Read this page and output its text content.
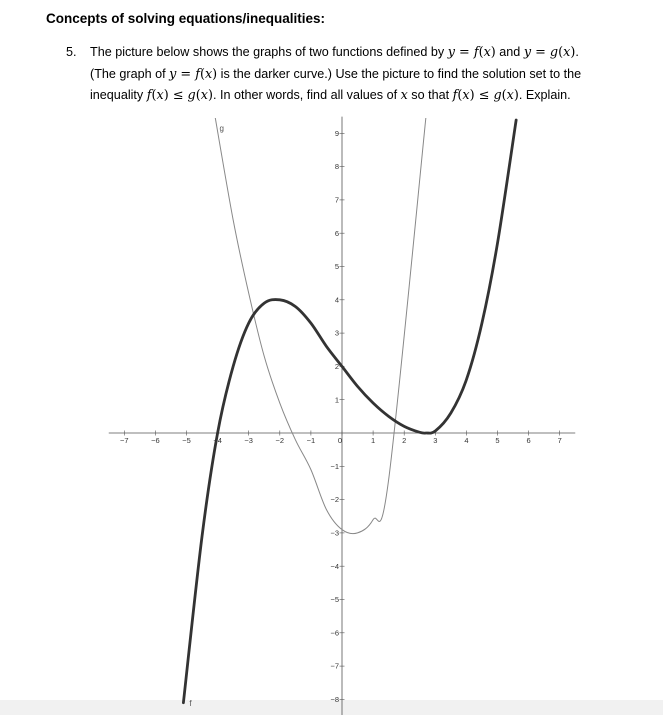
Concepts of solving equations/inequalities:
5. The picture below shows the graphs of two functions defined by y = f(x) and y = g(x).
(The graph of y = f(x) is the darker curve.) Use the picture to find the solution set to the
inequality f(x) ≤ g(x). In other words, find all values of x so that f(x) ≤ g(x). Explain.
−7	−6	−5	−4	−3	−2	−1	0	1	2	3	4	5	6	7
9
8
7
6
5
4
3
2
1
−1
−2
−3
−4
−5
−6
−7
−8
g
f
